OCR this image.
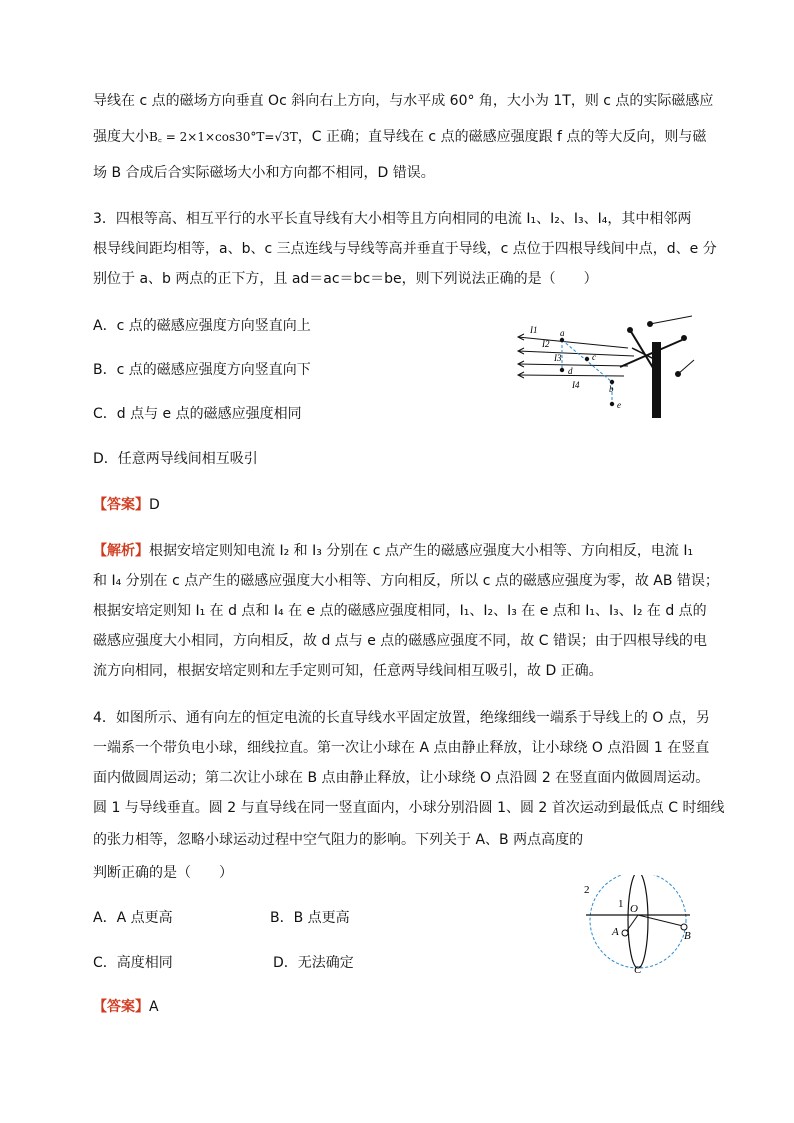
导线在 c 点的磁场方向垂直 Oc 斜向右上方向，与水平成 60° 角，大小为 1T，则 c 点的实际磁感应
强度大小B꜀ = 2×1×cos30°T=√3T，C 正确；直导线在 c 点的磁感应强度跟 f 点的等大反向，则与磁
场 B 合成后合实际磁场大小和方向都不相同，D 错误。
3．四根等高、相互平行的水平长直导线有大小相等且方向相同的电流 I₁、I₂、I₃、I₄，其中相邻两
根导线间距均相等，a、b、c 三点连线与导线等高并垂直于导线，c 点位于四根导线间中点，d、e 分
别位于 a、b 两点的正下方，且 ad＝ac＝bc＝be，则下列说法正确的是（　　）
A．c 点的磁感应强度方向竖直向上
B．c 点的磁感应强度方向竖直向下
C．d 点与 e 点的磁感应强度相同
D．任意两导线间相互吸引
I1
I2
I3
I4
a
b
c
d
e
【答案】D
【解析】根据安培定则知电流 I₂ 和 I₃ 分别在 c 点产生的磁感应强度大小相等、方向相反，电流 I₁
和 I₄ 分别在 c 点产生的磁感应强度大小相等、方向相反，所以 c 点的磁感应强度为零，故 AB 错误；
根据安培定则知 I₁ 在 d 点和 I₄ 在 e 点的磁感应强度相同，I₁、I₂、I₃ 在 e 点和 I₁、I₃、I₂ 在 d 点的
磁感应强度大小相同，方向相反，故 d 点与 e 点的磁感应强度不同，故 C 错误；由于四根导线的电
流方向相同，根据安培定则和左手定则可知，任意两导线间相互吸引，故 D 正确。
4．如图所示、通有向左的恒定电流的长直导线水平固定放置，绝缘细线一端系于导线上的 O 点，另
一端系一个带负电小球，细线拉直。第一次让小球在 A 点由静止释放，让小球绕 O 点沿圆 1 在竖直
面内做圆周运动；第二次让小球在 B 点由静止释放，让小球绕 O 点沿圆 2 在竖直面内做圆周运动。
圆 1 与导线垂直。圆 2 与直导线在同一竖直面内，小球分别沿圆 1、圆 2 首次运动到最低点 C 时细线
的张力相等，忽略小球运动过程中空气阻力的影响。下列关于 A、B 两点高度的
判断正确的是（　　）
A．A 点更高	B．B 点更高
C．高度相同	D．无法确定
2
1 O
A	B
C
【答案】A
